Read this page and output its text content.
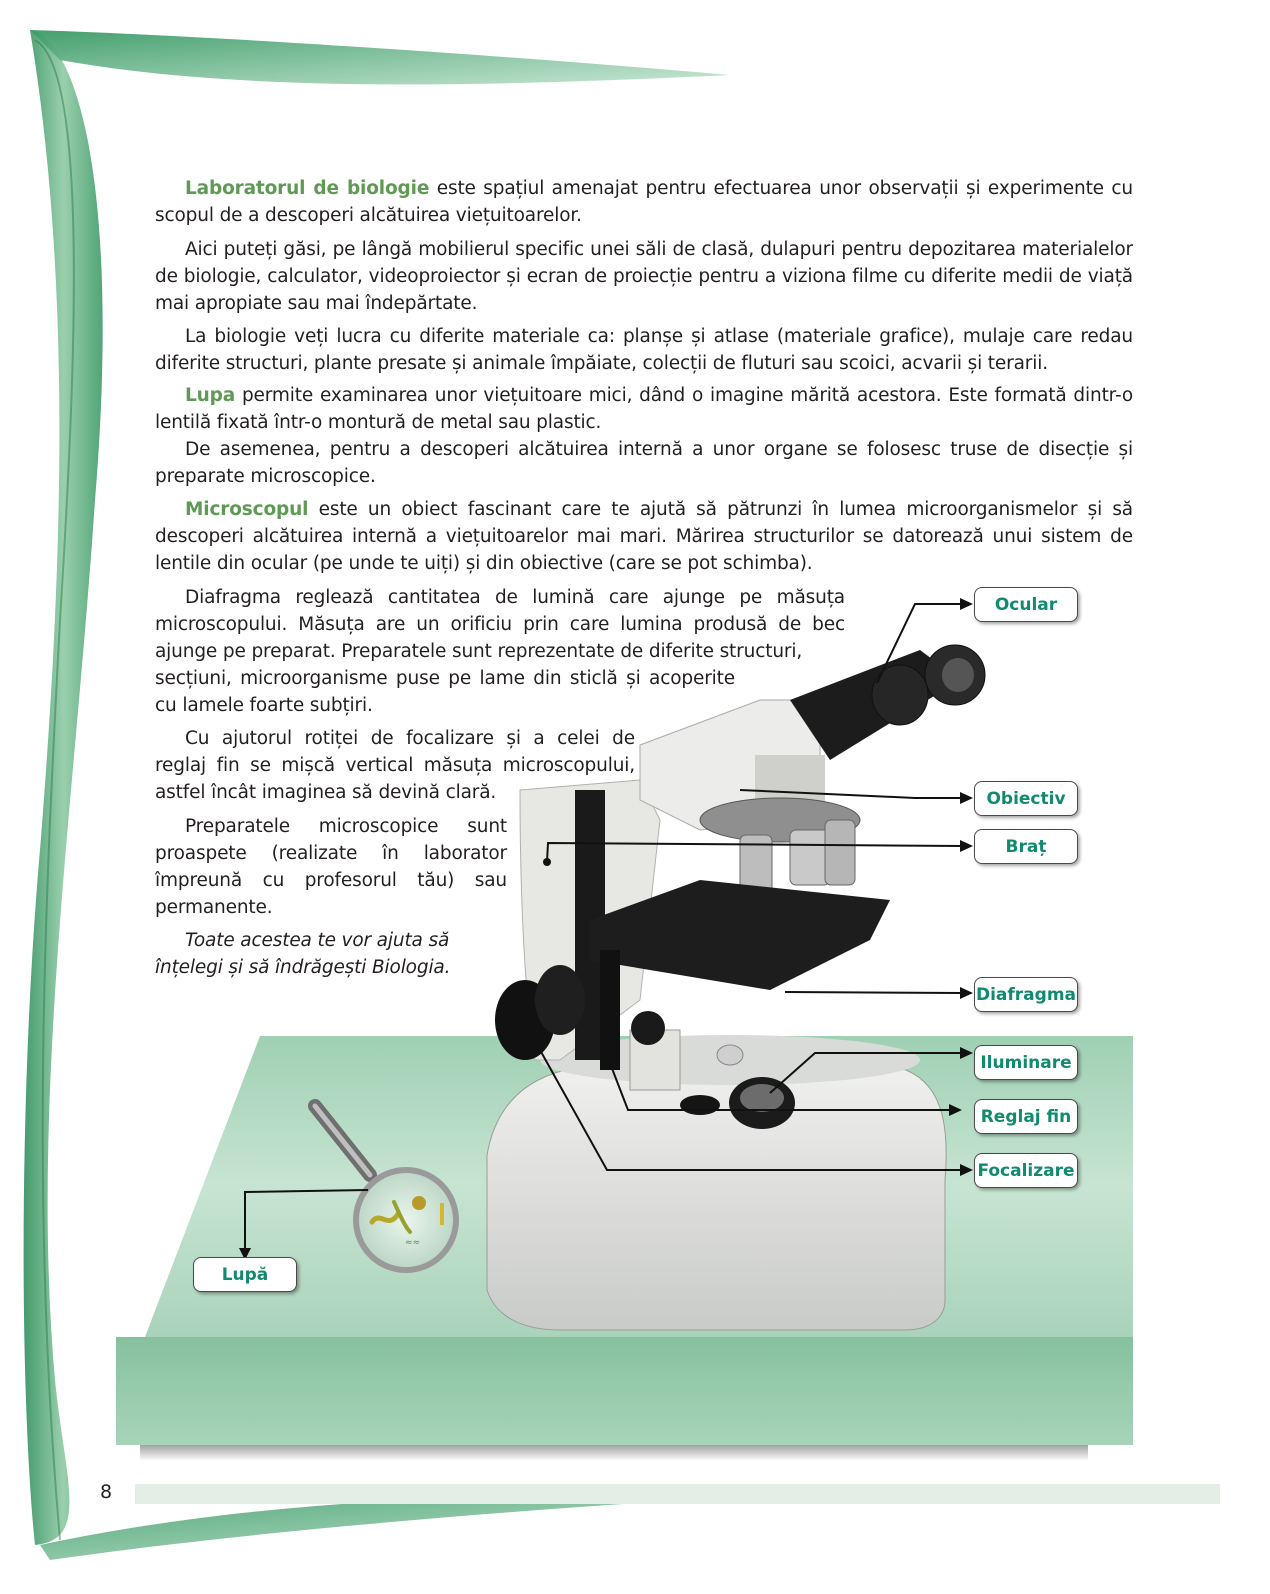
≈≈

Laboratorul de biologie este spațiul amenajat pentru efectuarea unor observații și experimente cu scopul de a descoperi alcătuirea viețuitoarelor.

Aici puteți găsi, pe lângă mobilierul specific unei săli de clasă, dulapuri pentru depozitarea materialelor de biologie, calculator, videoproiector și ecran de proiecție pentru a viziona filme cu diferite medii de viață mai apropiate sau mai îndepărtate.

La biologie veți lucra cu diferite materiale ca: planșe și atlase (materiale grafice), mulaje care redau diferite structuri, plante presate și animale împăiate, colecții de fluturi sau scoici, acvarii și terarii.

Lupa permite examinarea unor viețuitoare mici, dând o imagine mărită acestora. Este formată dintr-o lentilă fixată într-o montură de metal sau plastic.

De asemenea, pentru a descoperi alcătuirea internă a unor organe se folosesc truse de disecție și preparate microscopice.

Microscopul este un obiect fascinant care te ajută să pătrunzi în lumea microorganismelor și să descoperi alcătuirea internă a viețuitoarelor mai mari. Mărirea structurilor se datorează unui sistem de lentile din ocular (pe unde te uiți) și din obiective (care se pot schimba).

Diafragma reglează cantitatea de lumină care ajunge pe măsuța microscopului. Măsuța are un orificiu prin care lumina produsă de bec ajunge pe preparat. Preparatele sunt reprezentate de diferite structuri,

secțiuni, microorganisme puse pe lame din sticlă și acoperite cu lamele foarte subțiri.

Cu ajutorul rotiței de focalizare și a celei de reglaj fin se mișcă vertical măsuța microscopului, astfel încât imaginea să devină clară.

Preparatele microscopice sunt proaspete (realizate în laborator împreună cu profesorul tău) sau permanente.

Toate acestea te vor ajuta să înțelegi și să îndrăgești Biologia.

Ocular
Obiectiv
Braț
Diafragma
Iluminare
Reglaj fin
Focalizare
Lupă
8
